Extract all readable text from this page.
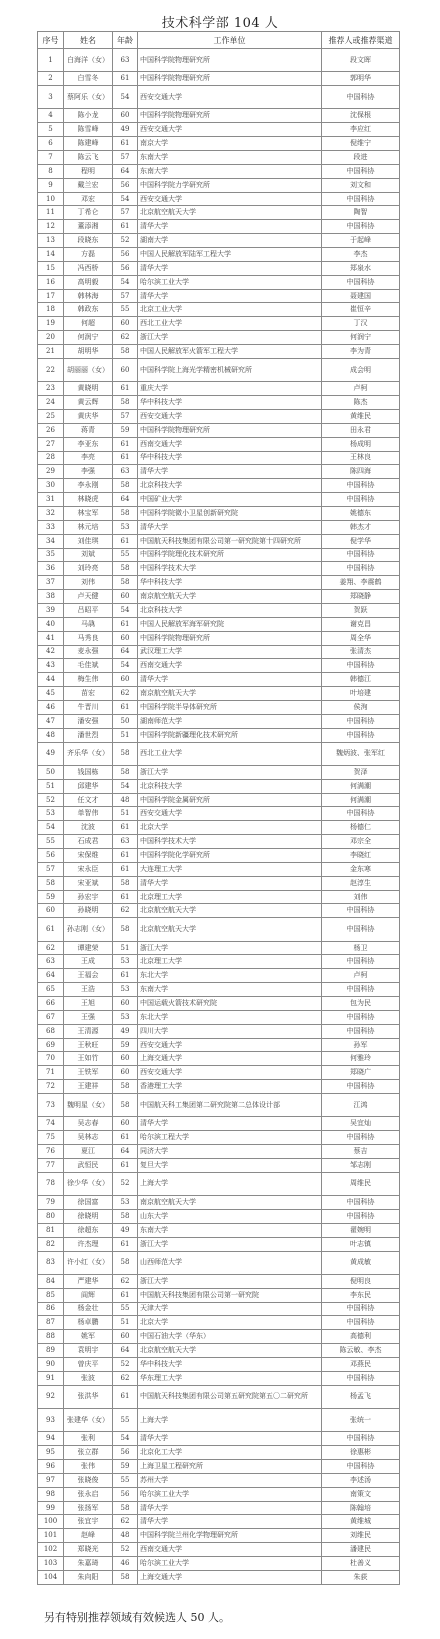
技术科学部 104 人
序号	姓名	年龄	工作单位	推荐人或推荐渠道
1	白海洋（女）	63	中国科学院物理研究所	段文晖
2	白雪冬	61	中国科学院物理研究所	郭明华
3	蔡阿乐（女）	54	西安交通大学	中国科协
4	陈小龙	60	中国科学院物理研究所	沈保根
5	陈雪峰	49	西安交通大学	李应红
6	陈建峰	61	南京大学	倪维宁
7	陈云飞	57	东南大学	段进
8	程明	64	东南大学	中国科协
9	戴兰宏	56	中国科学院力学研究所	刘文和
10	邓宏	54	西安交通大学	中国科协
11	丁希仑	57	北京航空航天大学	陶智
12	董添湘	61	清华大学	中国科协
13	段晓东	52	湖南大学	于起峰
14	方磊	56	中国人民解放军陆军工程大学	李杰
15	冯西桥	56	清华大学	郑泉水
16	高明毅	54	哈尔滨工业大学	中国科协
17	韩林海	57	清华大学	聂建国
18	韩政东	55	北京工业大学	崔恒辛
19	何超	60	西北工业大学	丁汉
20	何润宁	62	浙江大学	何润宁
21	胡明华	58	中国人民解放军火箭军工程大学	李为青
22	胡丽丽（女）	60	中国科学院上海光学精密机械研究所	成会明
23	黄晓明	61	重庆大学	卢柯
24	黄云辉	58	华中科技大学	陈杰
25	黄庆华	57	西安交通大学	黄维民
26	蒋青	59	中国科学院物理研究所	田永君
27	李亚东	61	西南交通大学	杨成明
28	李亮	61	华中科技大学	王林良
29	李强	63	清华大学	陈四海
30	李永刚	58	北京科技大学	中国科协
31	林晓虎	64	中国矿业大学	中国科协
32	林宝军	58	中国科学院微小卫星创新研究院	姚德东
33	林元培	53	清华大学	韩杰才
34	刘佳琪	61	中国航天科技集团有限公司第一研究院第十四研究所	倪学华
35	刘斌	55	中国科学院理化技术研究所	中国科协
36	刘玲亮	58	中国科学技术大学	中国科协
37	刘伟	58	华中科技大学	姜翔、李震鹤
38	卢天健	60	南京航空航天大学	郑晓静
39	吕昭平	54	北京科技大学	贺跃
40	马骉	61	中国人民解放军海军研究院	谢克昌
41	马秀良	60	中国科学院物理研究所	周全华
42	麦永强	64	武汉理工大学	张清杰
43	毛佳斌	54	西南交通大学	中国科协
44	梅生伟	60	清华大学	韩德江
45	苗宏	62	南京航空航天大学	叶培建
46	牛晋川	61	中国科学院半导体研究所	侯洵
47	潘安强	50	湖南师范大学	中国科协
48	潘世烈	51	中国科学院新疆理化技术研究所	中国科协
49	齐乐华（女）	58	西北工业大学	魏炳波、张军红
50	钱国栋	58	浙江大学	贺泽
51	邱建华	54	北京科技大学	何满潮
52	任文才	48	中国科学院金属研究所	何满潮
53	单智伟	51	西安交通大学	中国科协
54	沈波	61	北京大学	杨德仁
55	石成君	63	中国科学技术大学	邓宗全
56	宋保维	61	中国科学院化学研究所	李晓红
57	宋永臣	61	大连理工大学	金东寒
58	宋亚斌	58	清华大学	赵淳生
59	孙宏宇	61	北京理工大学	刘伟
60	孙晓明	62	北京航空航天大学	中国科协
61	孙志刚（女）	58	北京航空航天大学	中国科协
62	谭建荣	51	浙江大学	杨卫
63	王成	53	北京理工大学	中国科协
64	王福会	61	东北大学	卢柯
65	王浩	53	东南大学	中国科协
66	王旭	60	中国运载火箭技术研究院	包为民
67	王强	53	东北大学	中国科协
68	王清源	49	四川大学	中国科协
69	王秋旺	59	西安交通大学	孙军
70	王如竹	60	上海交通大学	何雅玲
71	王铁军	60	西安交通大学	郑晓广
72	王建祥	58	香港理工大学	中国科协
73	魏明星（女）	58	中国航天科工集团第二研究院第二总体设计部	江鸿
74	吴志春	60	清华大学	吴宜灿
75	吴林志	61	哈尔滨工程大学	中国科协
76	夏江	64	同济大学	蔡吉
77	武恒民	61	复旦大学	邹志刚
78	徐少华（女）	52	上海大学	周维民
79	徐国富	53	南京航空航天大学	中国科协
80	徐晓明	58	山东大学	中国科协
81	徐超东	49	东南大学	翟婉明
82	许杰理	61	浙江大学	叶志镇
83	许小红（女）	58	山西师范大学	黄成敏
84	严建华	62	浙江大学	倪明良
85	阎辉	61	中国航天科技集团有限公司第一研究院	李东民
86	杨金壮	55	天津大学	中国科协
87	杨卓鹏	51	北京大学	中国科协
88	姚军	60	中国石油大学（华东）	高德利
89	袁明宇	64	北京航空航天大学	陈云敏、李杰
90	曾庆平	52	华中科技大学	邓燕民
91	张波	62	华东理工大学	中国科协
92	张洪华	61	中国航天科技集团有限公司第五研究院第五〇二研究所	杨孟飞
93	张建华（女）	55	上海大学	张统一
94	张利	54	清华大学	中国科协
95	张立群	56	北京化工大学	徐惠彬
96	张伟	59	上海卫星工程研究所	中国科协
97	张晓俊	55	苏州大学	李述汤
98	张永启	56	哈尔滨工业大学	南策文
99	张扬军	58	清华大学	陈翰培
100	张宜宇	62	清华大学	黄维城
101	赵峰	48	中国科学院兰州化学物理研究所	刘维民
102	郑晓光	52	西南交通大学	潘建民
103	朱嘉琦	46	哈尔滨工业大学	杜善义
104	朱向阳	58	上海交通大学	朱荻
另有特别推荐领域有效候选人 50 人。
